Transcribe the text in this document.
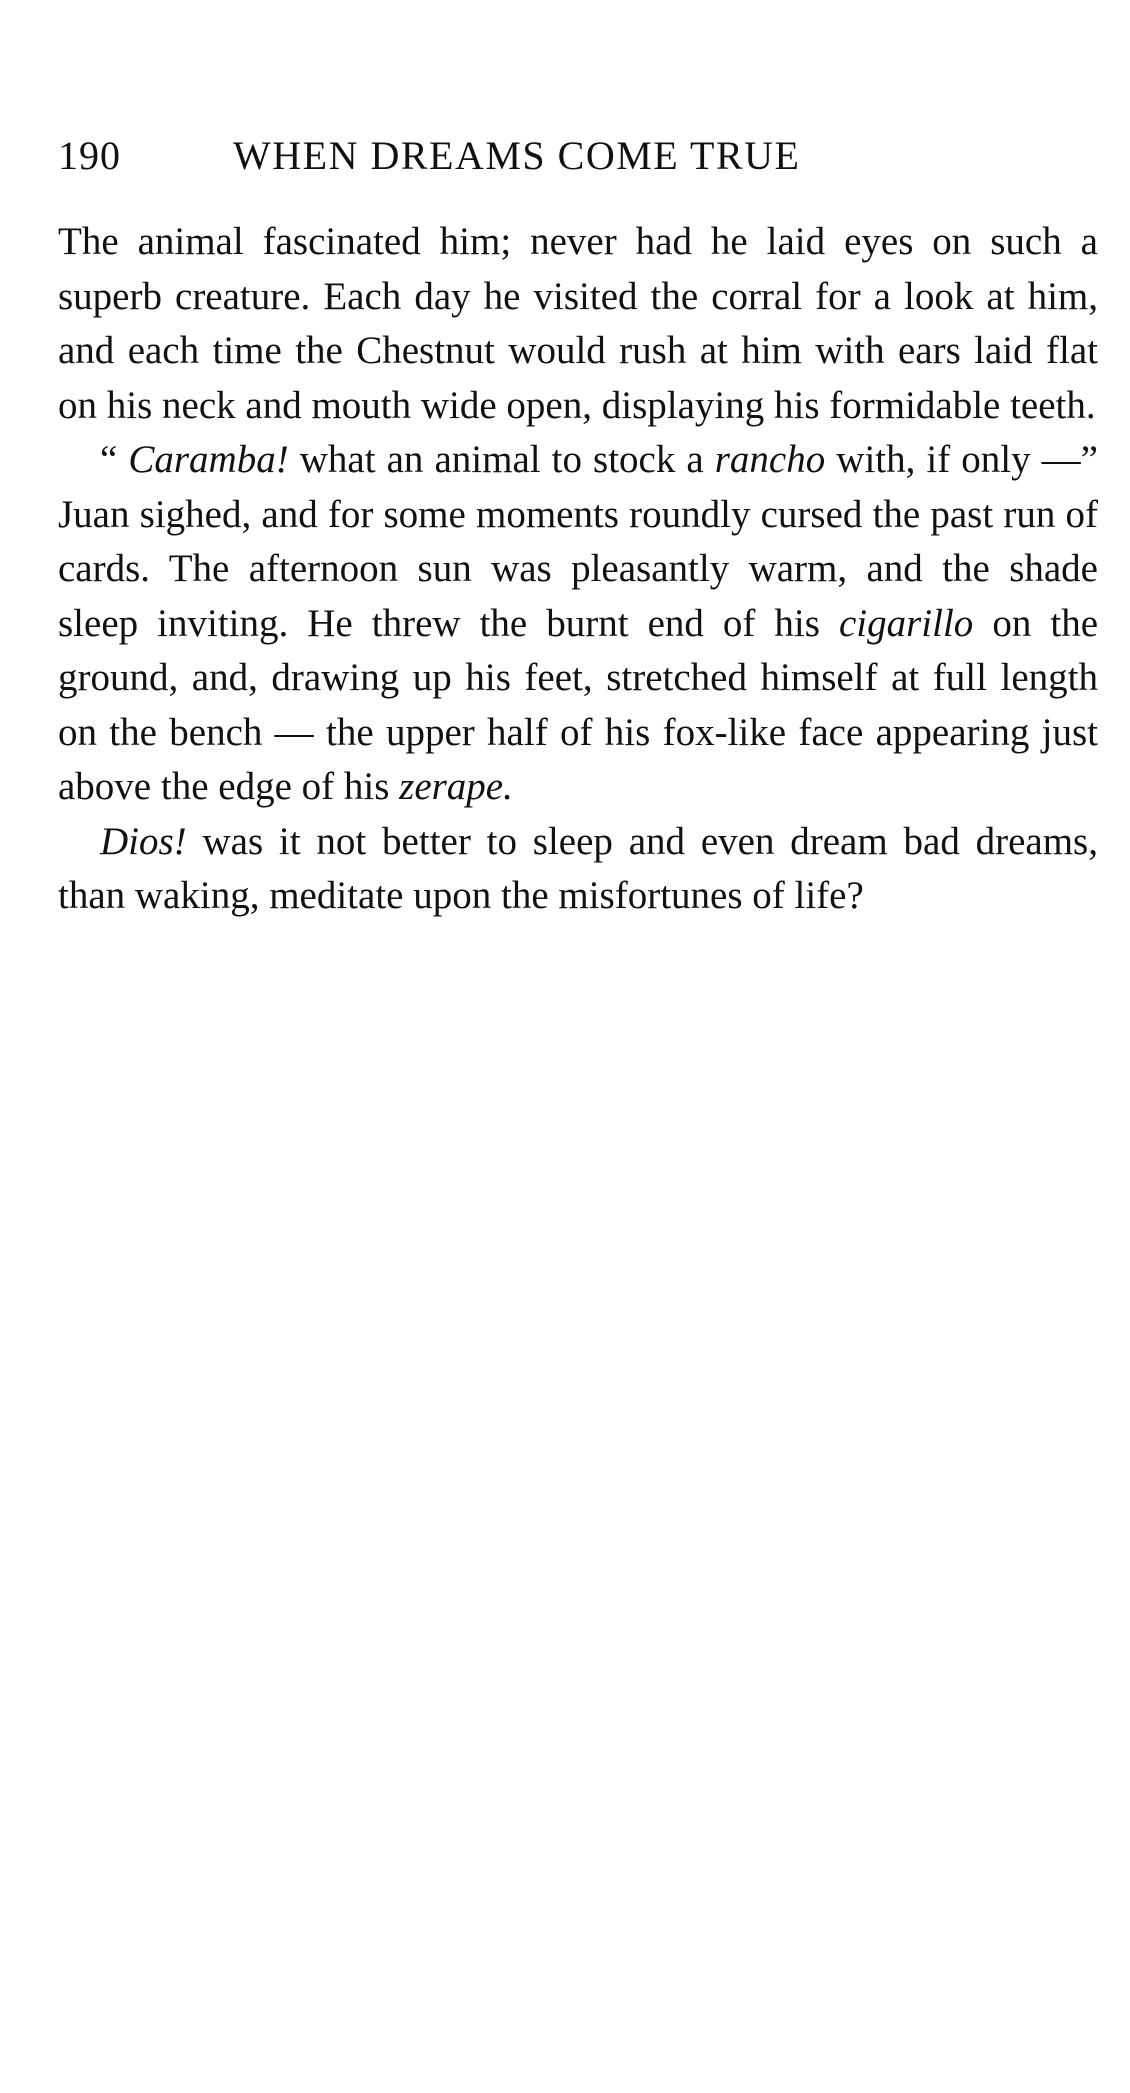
190	WHEN DREAMS COME TRUE

The animal fascinated him; never had he laid eyes on such a superb creature. Each day he visited the corral for a look at him, and each time the Chestnut would rush at him with ears laid flat on his neck and mouth wide open, displaying his formidable teeth.

“ Caramba! what an animal to stock a rancho with, if only —” Juan sighed, and for some moments roundly cursed the past run of cards. The afternoon sun was pleasantly warm, and the shade sleep inviting. He threw the burnt end of his cigarillo on the ground, and, drawing up his feet, stretched himself at full length on the bench — the upper half of his fox-like face appearing just above the edge of his zerape.

Dios! was it not better to sleep and even dream bad dreams, than waking, meditate upon the misfortunes of life?
